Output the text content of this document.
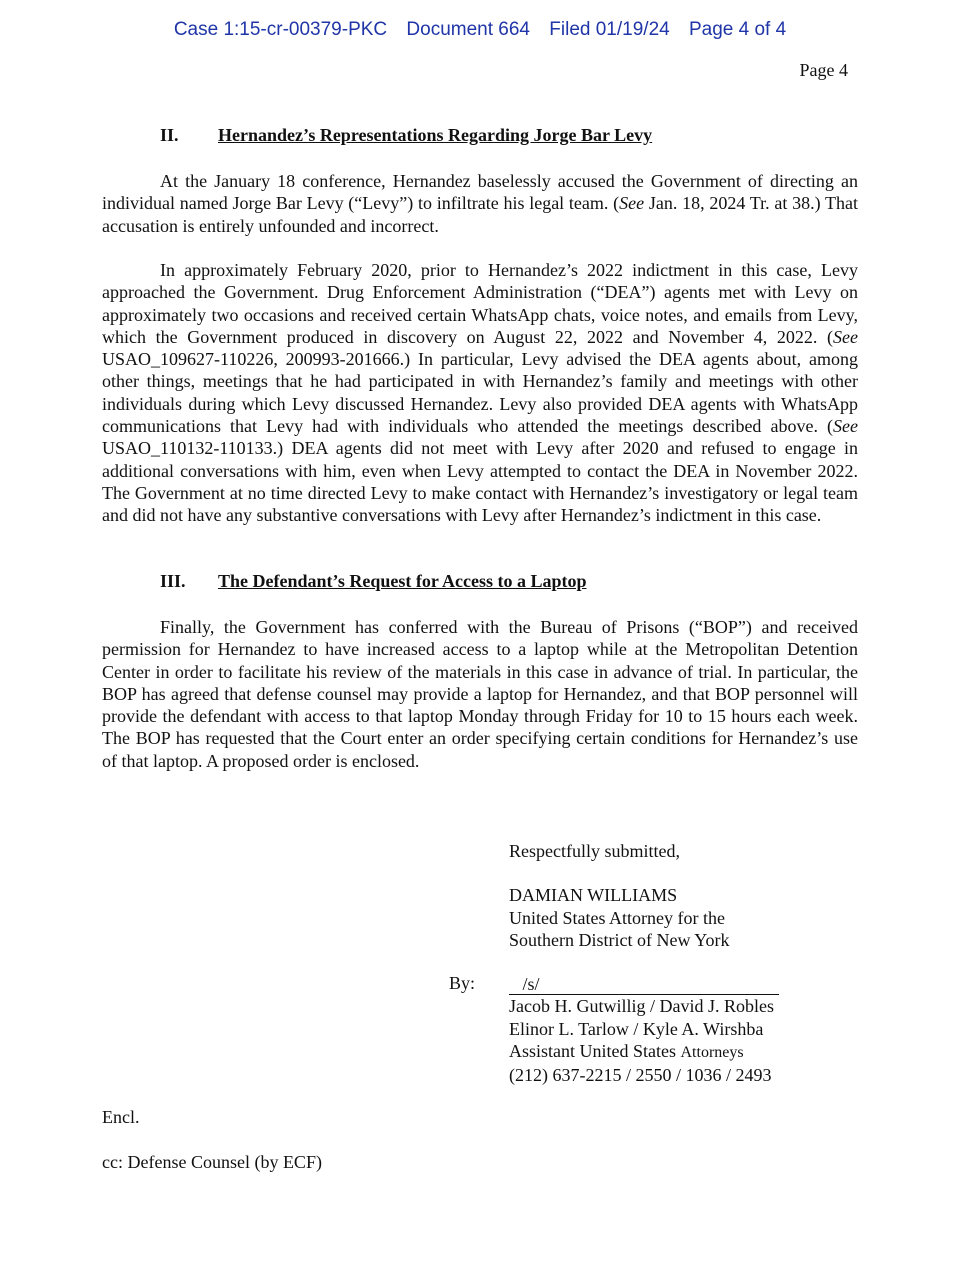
Case 1:15-cr-00379-PKC Document 664 Filed 01/19/24 Page 4 of 4
Page 4
II. Hernandez’s Representations Regarding Jorge Bar Levy

At the January 18 conference, Hernandez baselessly accused the Government of directing an individual named Jorge Bar Levy (“Levy”) to infiltrate his legal team. (See Jan. 18, 2024 Tr. at 38.) That accusation is entirely unfounded and incorrect.

In approximately February 2020, prior to Hernandez’s 2022 indictment in this case, Levy approached the Government. Drug Enforcement Administration (“DEA”) agents met with Levy on approximately two occasions and received certain WhatsApp chats, voice notes, and emails from Levy, which the Government produced in discovery on August 22, 2022 and November 4, 2022. (See USAO_109627-110226, 200993-201666.) In particular, Levy advised the DEA agents about, among other things, meetings that he had participated in with Hernandez’s family and meetings with other individuals during which Levy discussed Hernandez. Levy also provided DEA agents with WhatsApp communications that Levy had with individuals who attended the meetings described above. (See USAO_110132-110133.) DEA agents did not meet with Levy after 2020 and refused to engage in additional conversations with him, even when Levy attempted to contact the DEA in November 2022. The Government at no time directed Levy to make contact with Hernandez’s investigatory or legal team and did not have any substantive conversations with Levy after Hernandez’s indictment in this case.

III. The Defendant’s Request for Access to a Laptop

Finally, the Government has conferred with the Bureau of Prisons (“BOP”) and received permission for Hernandez to have increased access to a laptop while at the Metropolitan Detention Center in order to facilitate his review of the materials in this case in advance of trial. In particular, the BOP has agreed that defense counsel may provide a laptop for Hernandez, and that BOP personnel will provide the defendant with access to that laptop Monday through Friday for 10 to 15 hours each week. The BOP has requested that the Court enter an order specifying certain conditions for Hernandez’s use of that laptop. A proposed order is enclosed.

Respectfully submitted,
DAMIAN WILLIAMS
United States Attorney for the
Southern District of New York
/s/
Jacob H. Gutwillig / David J. Robles
Elinor L. Tarlow / Kyle A. Wirshba
Assistant United States Attorneys
(212) 637-2215 / 2550 / 1036 / 2493
By:
Encl.
cc: Defense Counsel (by ECF)
